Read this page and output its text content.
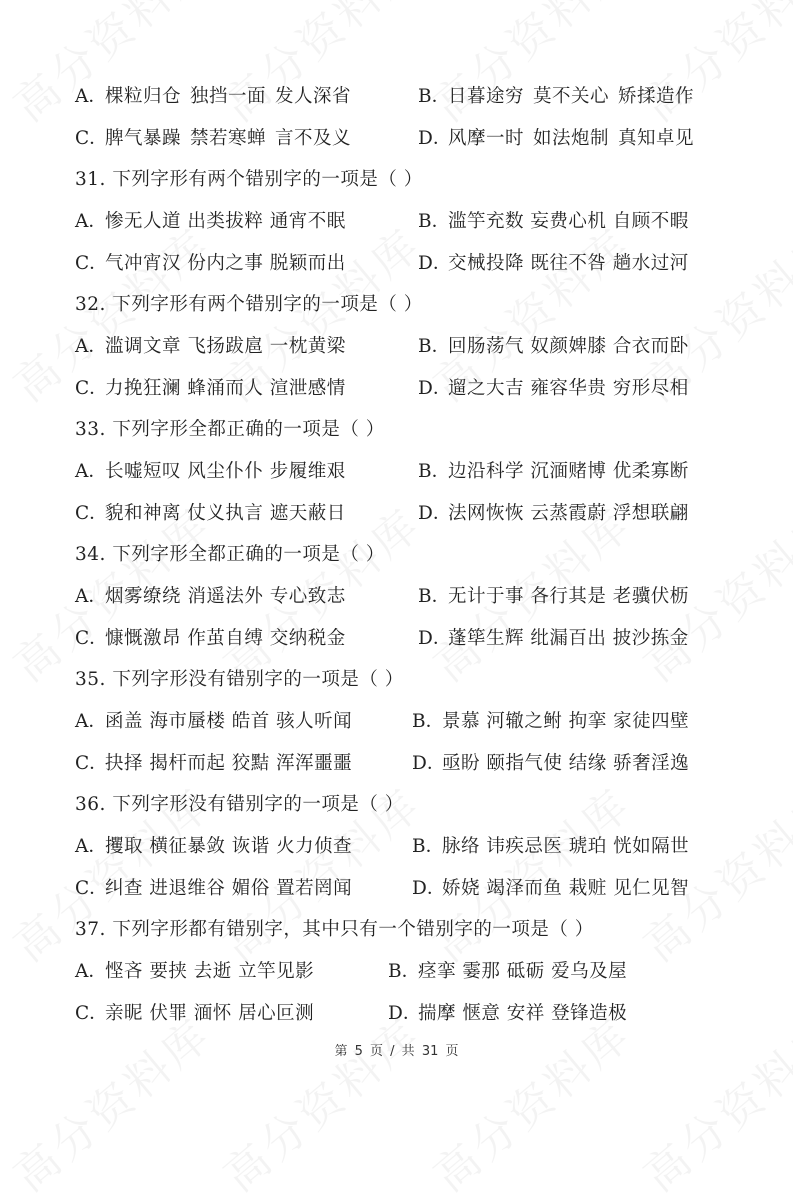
A．棵粒归仓 独挡一面 发人深省	B．日暮途穷 莫不关心 矫揉造作
C．脾气暴躁 禁若寒蝉 言不及义	D．风摩一时 如法炮制 真知卓见
31. 下列字形有两个错别字的一项是（ ）
A．惨无人道 出类拔粹 通宵不眠	B．滥竽充数 妄费心机 自顾不暇
C．气冲宵汉 份内之事 脱颖而出	D．交械投降 既往不咎 趟水过河
32. 下列字形有两个错别字的一项是（ ）
A．滥调文章 飞扬跋扈 一枕黄梁	B．回肠荡气 奴颜婢膝 合衣而卧
C．力挽狂澜 蜂涌而人 渲泄感情	D．遛之大吉 雍容华贵 穷形尽相
33. 下列字形全都正确的一项是（ ）
A．长嘘短叹 风尘仆仆 步履维艰	B．边沿科学 沉湎赌博 优柔寡断
C．貌和神离 仗义执言 遮天蔽日	D．法网恢恢 云蒸霞蔚 浮想联翩
34. 下列字形全都正确的一项是（ ）
A．烟雾缭绕 消遥法外 专心致志	B．无计于事 各行其是 老骥伏枥
C．慷慨激昂 作茧自缚 交纳税金	D．蓬筚生辉 纰漏百出 披沙拣金
35. 下列字形没有错别字的一项是（ ）
A．函盖 海市蜃楼 皓首 骇人听闻	B．景慕 河辙之鲋 拘挛 家徒四壁
C．抉择 揭杆而起 狡黠 浑浑噩噩	D．亟盼 颐指气使 结缘 骄奢淫逸
36. 下列字形没有错别字的一项是（ ）
A．攫取 横征暴敛 诙谐 火力侦查	B．脉络 讳疾忌医 琥珀 恍如隔世
C．纠查 进退维谷 媚俗 置若罔闻	D．娇娆 竭泽而鱼 栽赃 见仁见智
37. 下列字形都有错别字，其中只有一个错别字的一项是（ ）
A．悭吝 要挟 去逝 立竿见影	B．痉挛 霎那 砥砺 爱乌及屋
C．亲昵 伏罪 湎怀 居心叵测	D．揣摩 惬意 安祥 登锋造极
第 5 页 / 共 31 页
